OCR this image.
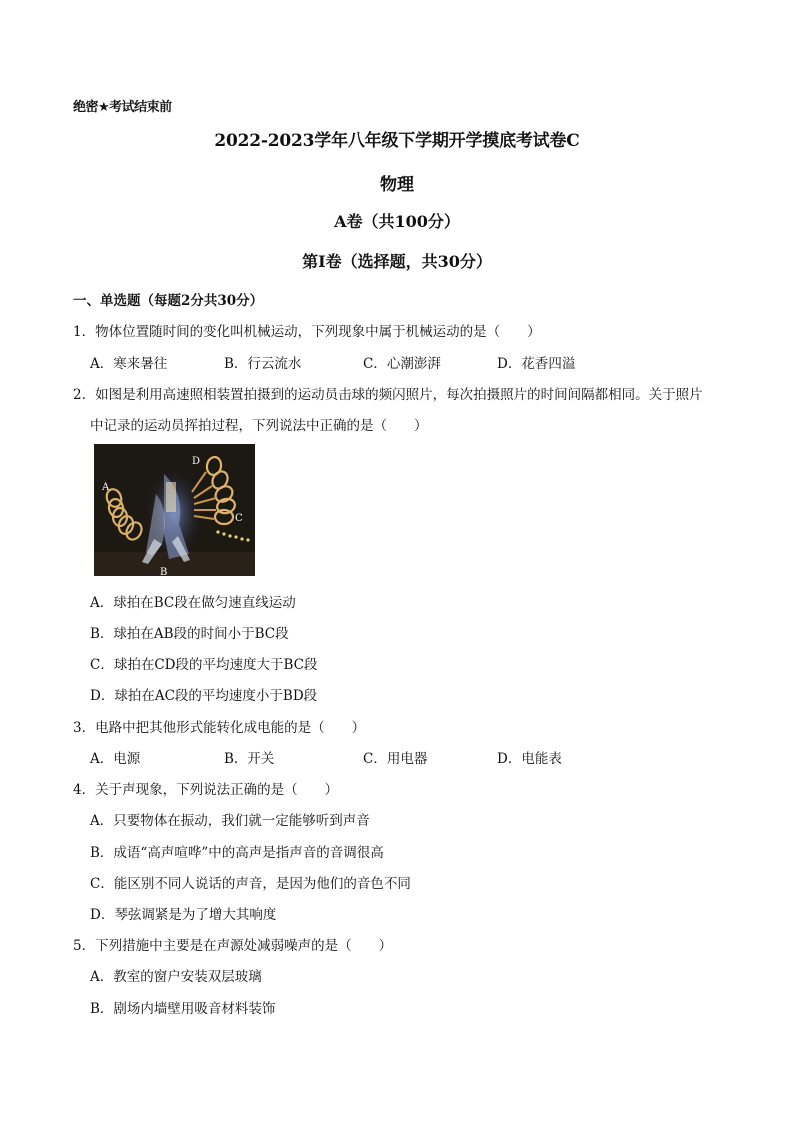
绝密★考试结束前
2022-2023学年八年级下学期开学摸底考试卷C
物理
A卷（共100分）
第Ⅰ卷（选择题，共30分）
一、单选题（每题2分共30分）
1．物体位置随时间的变化叫机械运动，下列现象中属于机械运动的是（　　）
A．寒来暑往	B．行云流水	C．心潮澎湃	D．花香四溢
2．如图是利用高速照相装置拍摄到的运动员击球的频闪照片，每次拍摄照片的时间间隔都相同。关于照片
中记录的运动员挥拍过程，下列说法中正确的是（　　）
A
B
C
D
A．球拍在BC段在做匀速直线运动
B．球拍在AB段的时间小于BC段
C．球拍在CD段的平均速度大于BC段
D．球拍在AC段的平均速度小于BD段
3．电路中把其他形式能转化成电能的是（　　）
A．电源	B．开关	C．用电器	D．电能表
4．关于声现象，下列说法正确的是（　　）
A．只要物体在振动，我们就一定能够听到声音
B．成语“高声喧哗”中的高声是指声音的音调很高
C．能区别不同人说话的声音，是因为他们的音色不同
D．琴弦调紧是为了增大其响度
5．下列措施中主要是在声源处减弱噪声的是（　　）
A．教室的窗户安装双层玻璃
B．剧场内墙壁用吸音材料装饰
